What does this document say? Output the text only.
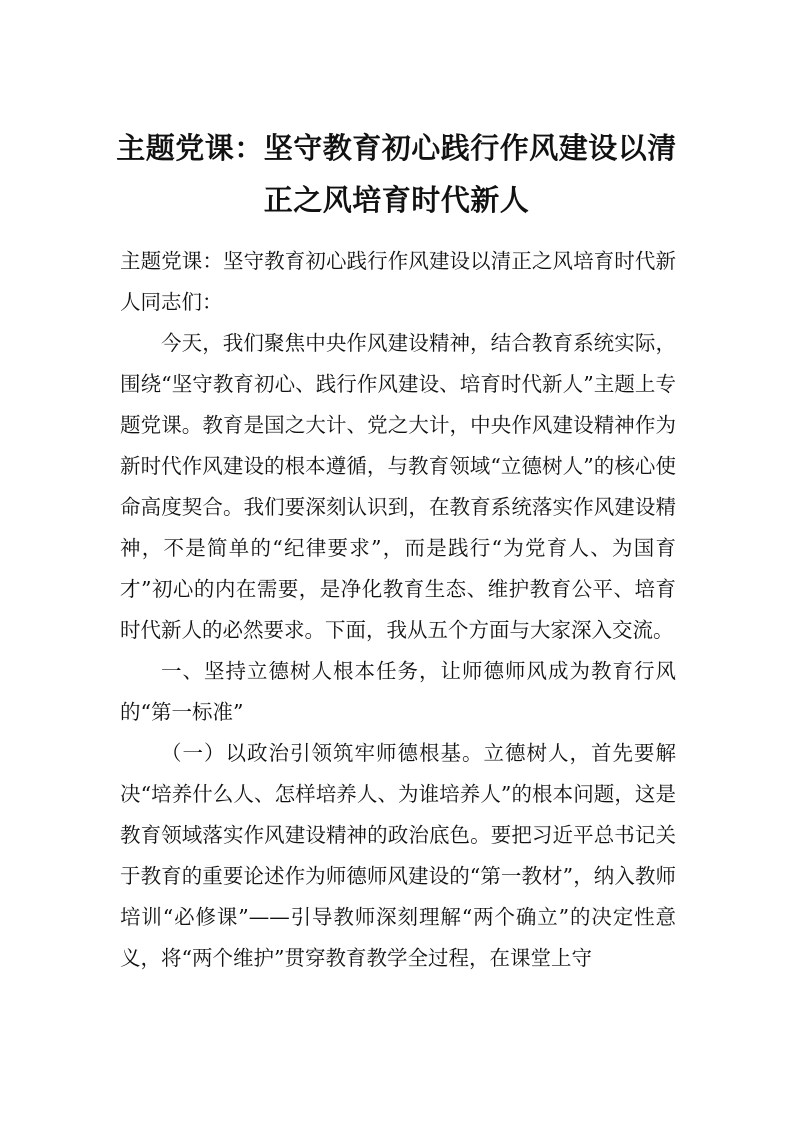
主题党课：坚守教育初心践行作风建设以清正之风培育时代新人

主题党课：坚守教育初心践行作风建设以清正之风培育时代新人同志们：

今天，我们聚焦中央作风建设精神，结合教育系统实际，围绕“坚守教育初心、践行作风建设、培育时代新人”主题上专题党课。教育是国之大计、党之大计，中央作风建设精神作为新时代作风建设的根本遵循，与教育领域“立德树人”的核心使命高度契合。我们要深刻认识到，在教育系统落实作风建设精神，不是简单的“纪律要求”，而是践行“为党育人、为国育才”初心的内在需要，是净化教育生态、维护教育公平、培育时代新人的必然要求。下面，我从五个方面与大家深入交流。

一、坚持立德树人根本任务，让师德师风成为教育行风的“第一标准”

（一）以政治引领筑牢师德根基。立德树人，首先要解决“培养什么人、怎样培养人、为谁培养人”的根本问题，这是教育领域落实作风建设精神的政治底色。要把习近平总书记关于教育的重要论述作为师德师风建设的“第一教材”，纳入教师培训“必修课”——引导教师深刻理解“两个确立”的决定性意义，将“两个维护”贯穿教育教学全过程，在课堂上守
